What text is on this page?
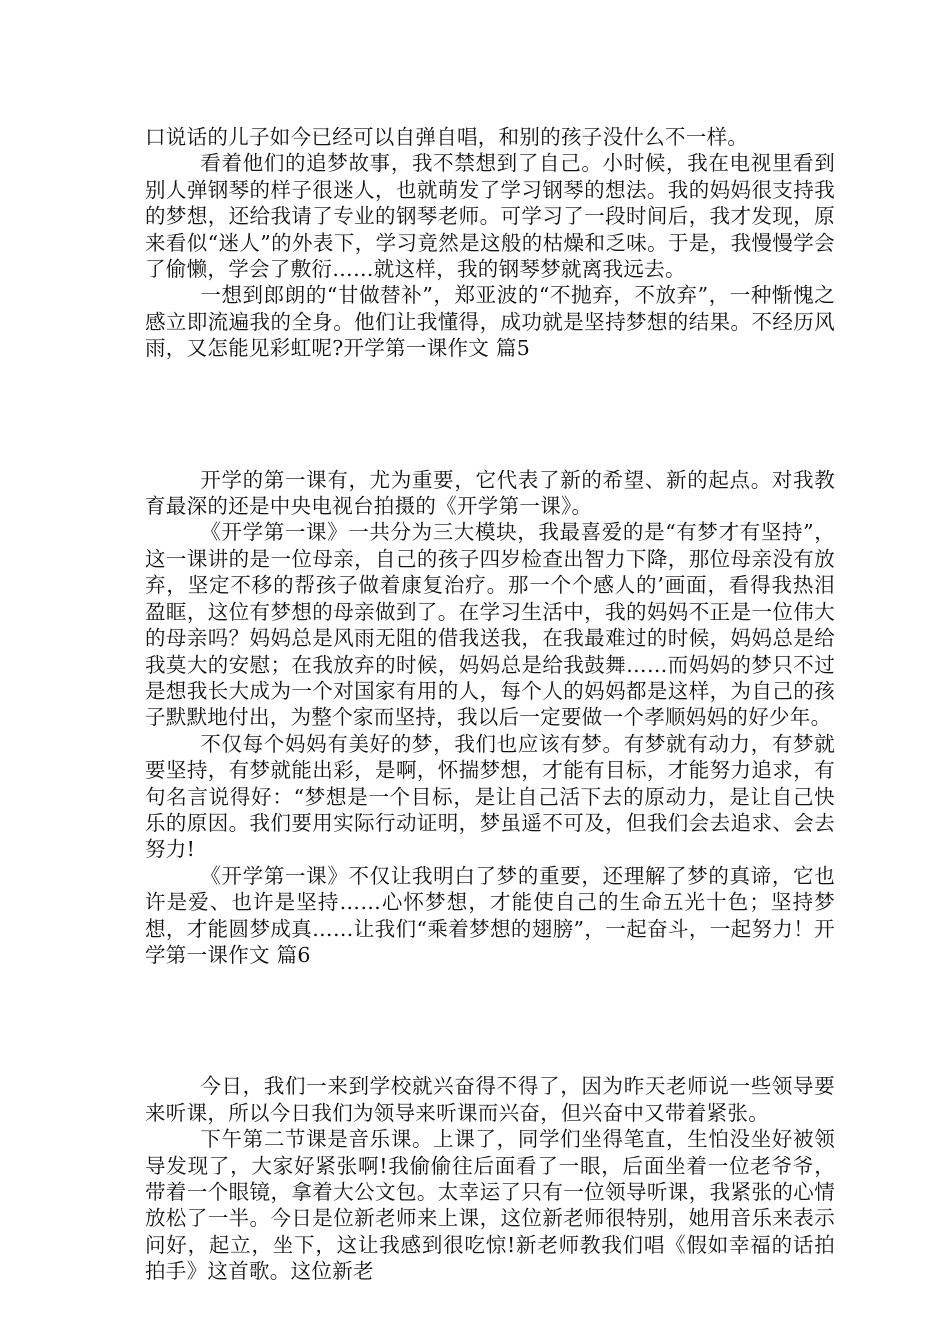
口说话的儿子如今已经可以自弹自唱，和别的孩子没什么不一样。

看着他们的追梦故事，我不禁想到了自己。小时候，我在电视里看到别人弹钢琴的样子很迷人，也就萌发了学习钢琴的想法。我的妈妈很支持我的梦想，还给我请了专业的钢琴老师。可学习了一段时间后，我才发现，原来看似“迷人”的外表下，学习竟然是这般的枯燥和乏味。于是，我慢慢学会了偷懒，学会了敷衍……就这样，我的钢琴梦就离我远去。

一想到郎朗的“甘做替补”，郑亚波的“不抛弃，不放弃”，一种惭愧之感立即流遍我的全身。他们让我懂得，成功就是坚持梦想的结果。不经历风雨，又怎能见彩虹呢?开学第一课作文 篇5

开学的第一课有，尤为重要，它代表了新的希望、新的起点。对我教育最深的还是中央电视台拍摄的《开学第一课》。

《开学第一课》一共分为三大模块，我最喜爱的是“有梦才有坚持”，这一课讲的是一位母亲，自己的孩子四岁检查出智力下降，那位母亲没有放弃，坚定不移的帮孩子做着康复治疗。那一个个感人的’画面，看得我热泪盈眶，这位有梦想的母亲做到了。在学习生活中，我的妈妈不正是一位伟大的母亲吗？妈妈总是风雨无阻的借我送我，在我最难过的时候，妈妈总是给我莫大的安慰；在我放弃的时候，妈妈总是给我鼓舞……而妈妈的梦只不过是想我长大成为一个对国家有用的人，每个人的妈妈都是这样，为自己的孩子默默地付出，为整个家而坚持，我以后一定要做一个孝顺妈妈的好少年。

不仅每个妈妈有美好的梦，我们也应该有梦。有梦就有动力，有梦就要坚持，有梦就能出彩，是啊，怀揣梦想，才能有目标，才能努力追求，有句名言说得好：“梦想是一个目标，是让自己活下去的原动力，是让自己快乐的原因。我们要用实际行动证明，梦虽遥不可及，但我们会去追求、会去努力!

《开学第一课》不仅让我明白了梦的重要，还理解了梦的真谛，它也许是爱、也许是坚持……心怀梦想，才能使自己的生命五光十色；坚持梦想，才能圆梦成真……让我们“乘着梦想的翅膀”，一起奋斗，一起努力！开学第一课作文 篇6

今日，我们一来到学校就兴奋得不得了，因为昨天老师说一些领导要来听课，所以今日我们为领导来听课而兴奋，但兴奋中又带着紧张。

下午第二节课是音乐课。上课了，同学们坐得笔直，生怕没坐好被领导发现了，大家好紧张啊!我偷偷往后面看了一眼，后面坐着一位老爷爷，带着一个眼镜，拿着大公文包。太幸运了只有一位领导听课，我紧张的心情放松了一半。今日是位新老师来上课，这位新老师很特别，她用音乐来表示问好，起立，坐下，这让我感到很吃惊!新老师教我们唱《假如幸福的话拍拍手》这首歌。这位新老
